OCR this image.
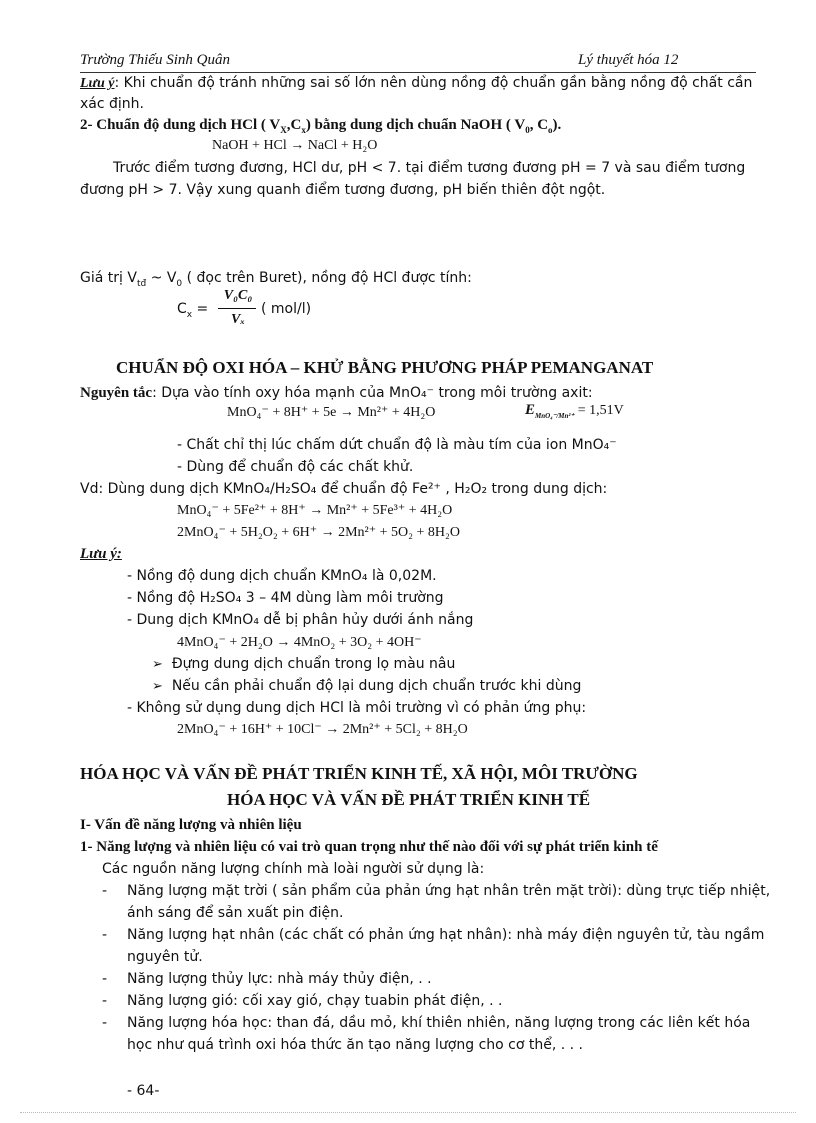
Trường Thiếu Sinh Quân	Lý thuyết hóa 12
Lưu ý: Khi chuẩn độ tránh những sai số lớn nên dùng nồng độ chuẩn gần bằng nồng độ chất cần
xác định.
2- Chuẩn độ dung dịch HCl ( $V_X,C_x$) bằng dung dịch chuẩn NaOH ( $V_0$, $C_o$).
NaOH + HCl → NaCl + H₂O
Trước điểm tương đương, HCl dư, pH < 7. tại điểm tương đương pH = 7 và sau điểm tương
đương pH > 7. Vậy xung quanh điểm tương đương, pH biến thiên đột ngột.
Giá trị $V_{tđ}$ ~ $V_0$ ( đọc trên Buret), nồng độ HCl được tính:
$C_x$ =
V₀C₀
Vₓ
( mol/l)
CHUẨN ĐỘ OXI HÓA – KHỬ BẰNG PHƯƠNG PHÁP PEMANGANAT
Nguyên tắc: Dựa vào tính oxy hóa mạnh của MnO₄⁻ trong môi trường axit:
MnO₄⁻ + 8H⁺ + 5e → Mn²⁺ + 4H₂O	$E_{MnO_4^-/Mn^{2+}} = 1,51V$
- Chất chỉ thị lúc chấm dứt chuẩn độ là màu tím của ion MnO₄⁻
- Dùng để chuẩn độ các chất khử.
Vd: Dùng dung dịch KMnO₄/H₂SO₄ để chuẩn độ Fe²⁺ , H₂O₂ trong dung dịch:
MnO₄⁻ + 5Fe²⁺ + 8H⁺ → Mn²⁺ + 5Fe³⁺ + 4H₂O
2MnO₄⁻ + 5H₂O₂ + 6H⁺ → 2Mn²⁺ + 5O₂ + 8H₂O
Lưu ý:
- Nồng độ dung dịch chuẩn KMnO₄ là 0,02M.
- Nồng độ H₂SO₄ 3 – 4M dùng làm môi trường
- Dung dịch KMnO₄ dễ bị phân hủy dưới ánh nắng
4MnO₄⁻ + 2H₂O → 4MnO₂ + 3O₂ + 4OH⁻
➢ Đựng dung dịch chuẩn trong lọ màu nâu
➢ Nếu cần phải chuẩn độ lại dung dịch chuẩn trước khi dùng
- Không sử dụng dung dịch HCl là môi trường vì có phản ứng phụ:
2MnO₄⁻ + 16H⁺ + 10Cl⁻ → 2Mn²⁺ + 5Cl₂ + 8H₂O
HÓA HỌC VÀ VẤN ĐỀ PHÁT TRIỂN KINH TẾ, XÃ HỘI, MÔI TRƯỜNG
HÓA HỌC VÀ VẤN ĐỀ PHÁT TRIỂN KINH TẾ
I- Vấn đề năng lượng và nhiên liệu
1- Năng lượng và nhiên liệu có vai trò quan trọng như thế nào đối với sự phát triển kinh tế
Các nguồn năng lượng chính mà loài người sử dụng là:
- Năng lượng mặt trời ( sản phẩm của phản ứng hạt nhân trên mặt trời): dùng trực tiếp nhiệt,
ánh sáng để sản xuất pin điện.
- Năng lượng hạt nhân (các chất có phản ứng hạt nhân): nhà máy điện nguyên tử, tàu ngầm
nguyên tử.
- Năng lượng thủy lực: nhà máy thủy điện, . .
- Năng lượng gió: cối xay gió, chạy tuabin phát điện, . .
- Năng lượng hóa học: than đá, dầu mỏ, khí thiên nhiên, năng lượng trong các liên kết hóa
học như quá trình oxi hóa thức ăn tạo năng lượng cho cơ thể, . . .
- 64-
